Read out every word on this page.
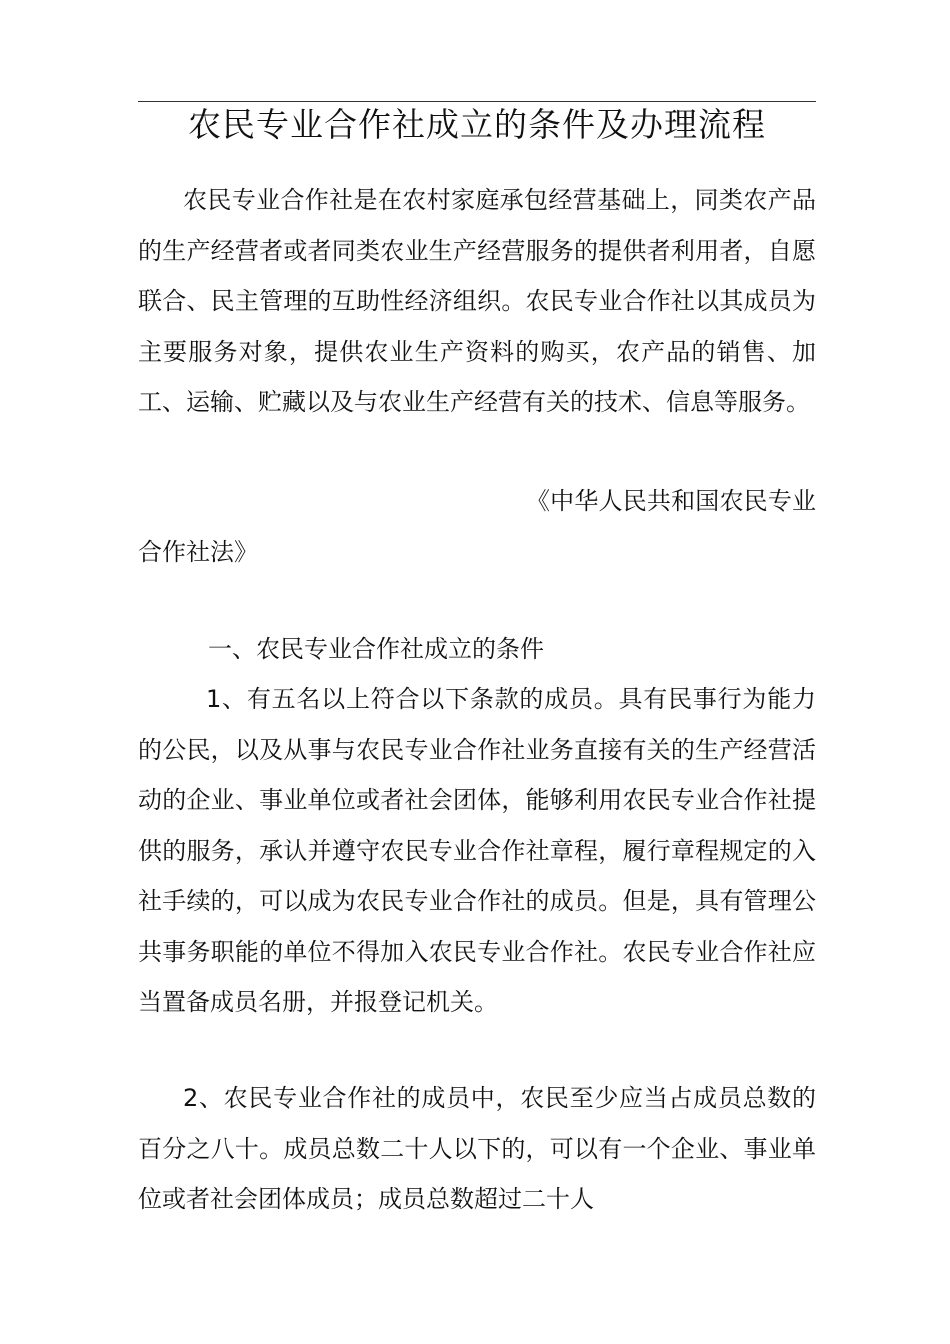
农民专业合作社成立的条件及办理流程

农民专业合作社是在农村家庭承包经营基础上，同类农产品的生产经营者或者同类农业生产经营服务的提供者利用者，自愿联合、民主管理的互助性经济组织。农民专业合作社以其成员为主要服务对象，提供农业生产资料的购买，农产品的销售、加工、运输、贮藏以及与农业生产经营有关的技术、信息等服务。

《中华人民共和国农民专业合作社法》

一、农民专业合作社成立的条件

1、有五名以上符合以下条款的成员。具有民事行为能力的公民，以及从事与农民专业合作社业务直接有关的生产经营活动的企业、事业单位或者社会团体，能够利用农民专业合作社提供的服务，承认并遵守农民专业合作社章程，履行章程规定的入社手续的，可以成为农民专业合作社的成员。但是，具有管理公共事务职能的单位不得加入农民专业合作社。农民专业合作社应当置备成员名册，并报登记机关。

2、农民专业合作社的成员中，农民至少应当占成员总数的百分之八十。成员总数二十人以下的，可以有一个企业、事业单位或者社会团体成员；成员总数超过二十人
